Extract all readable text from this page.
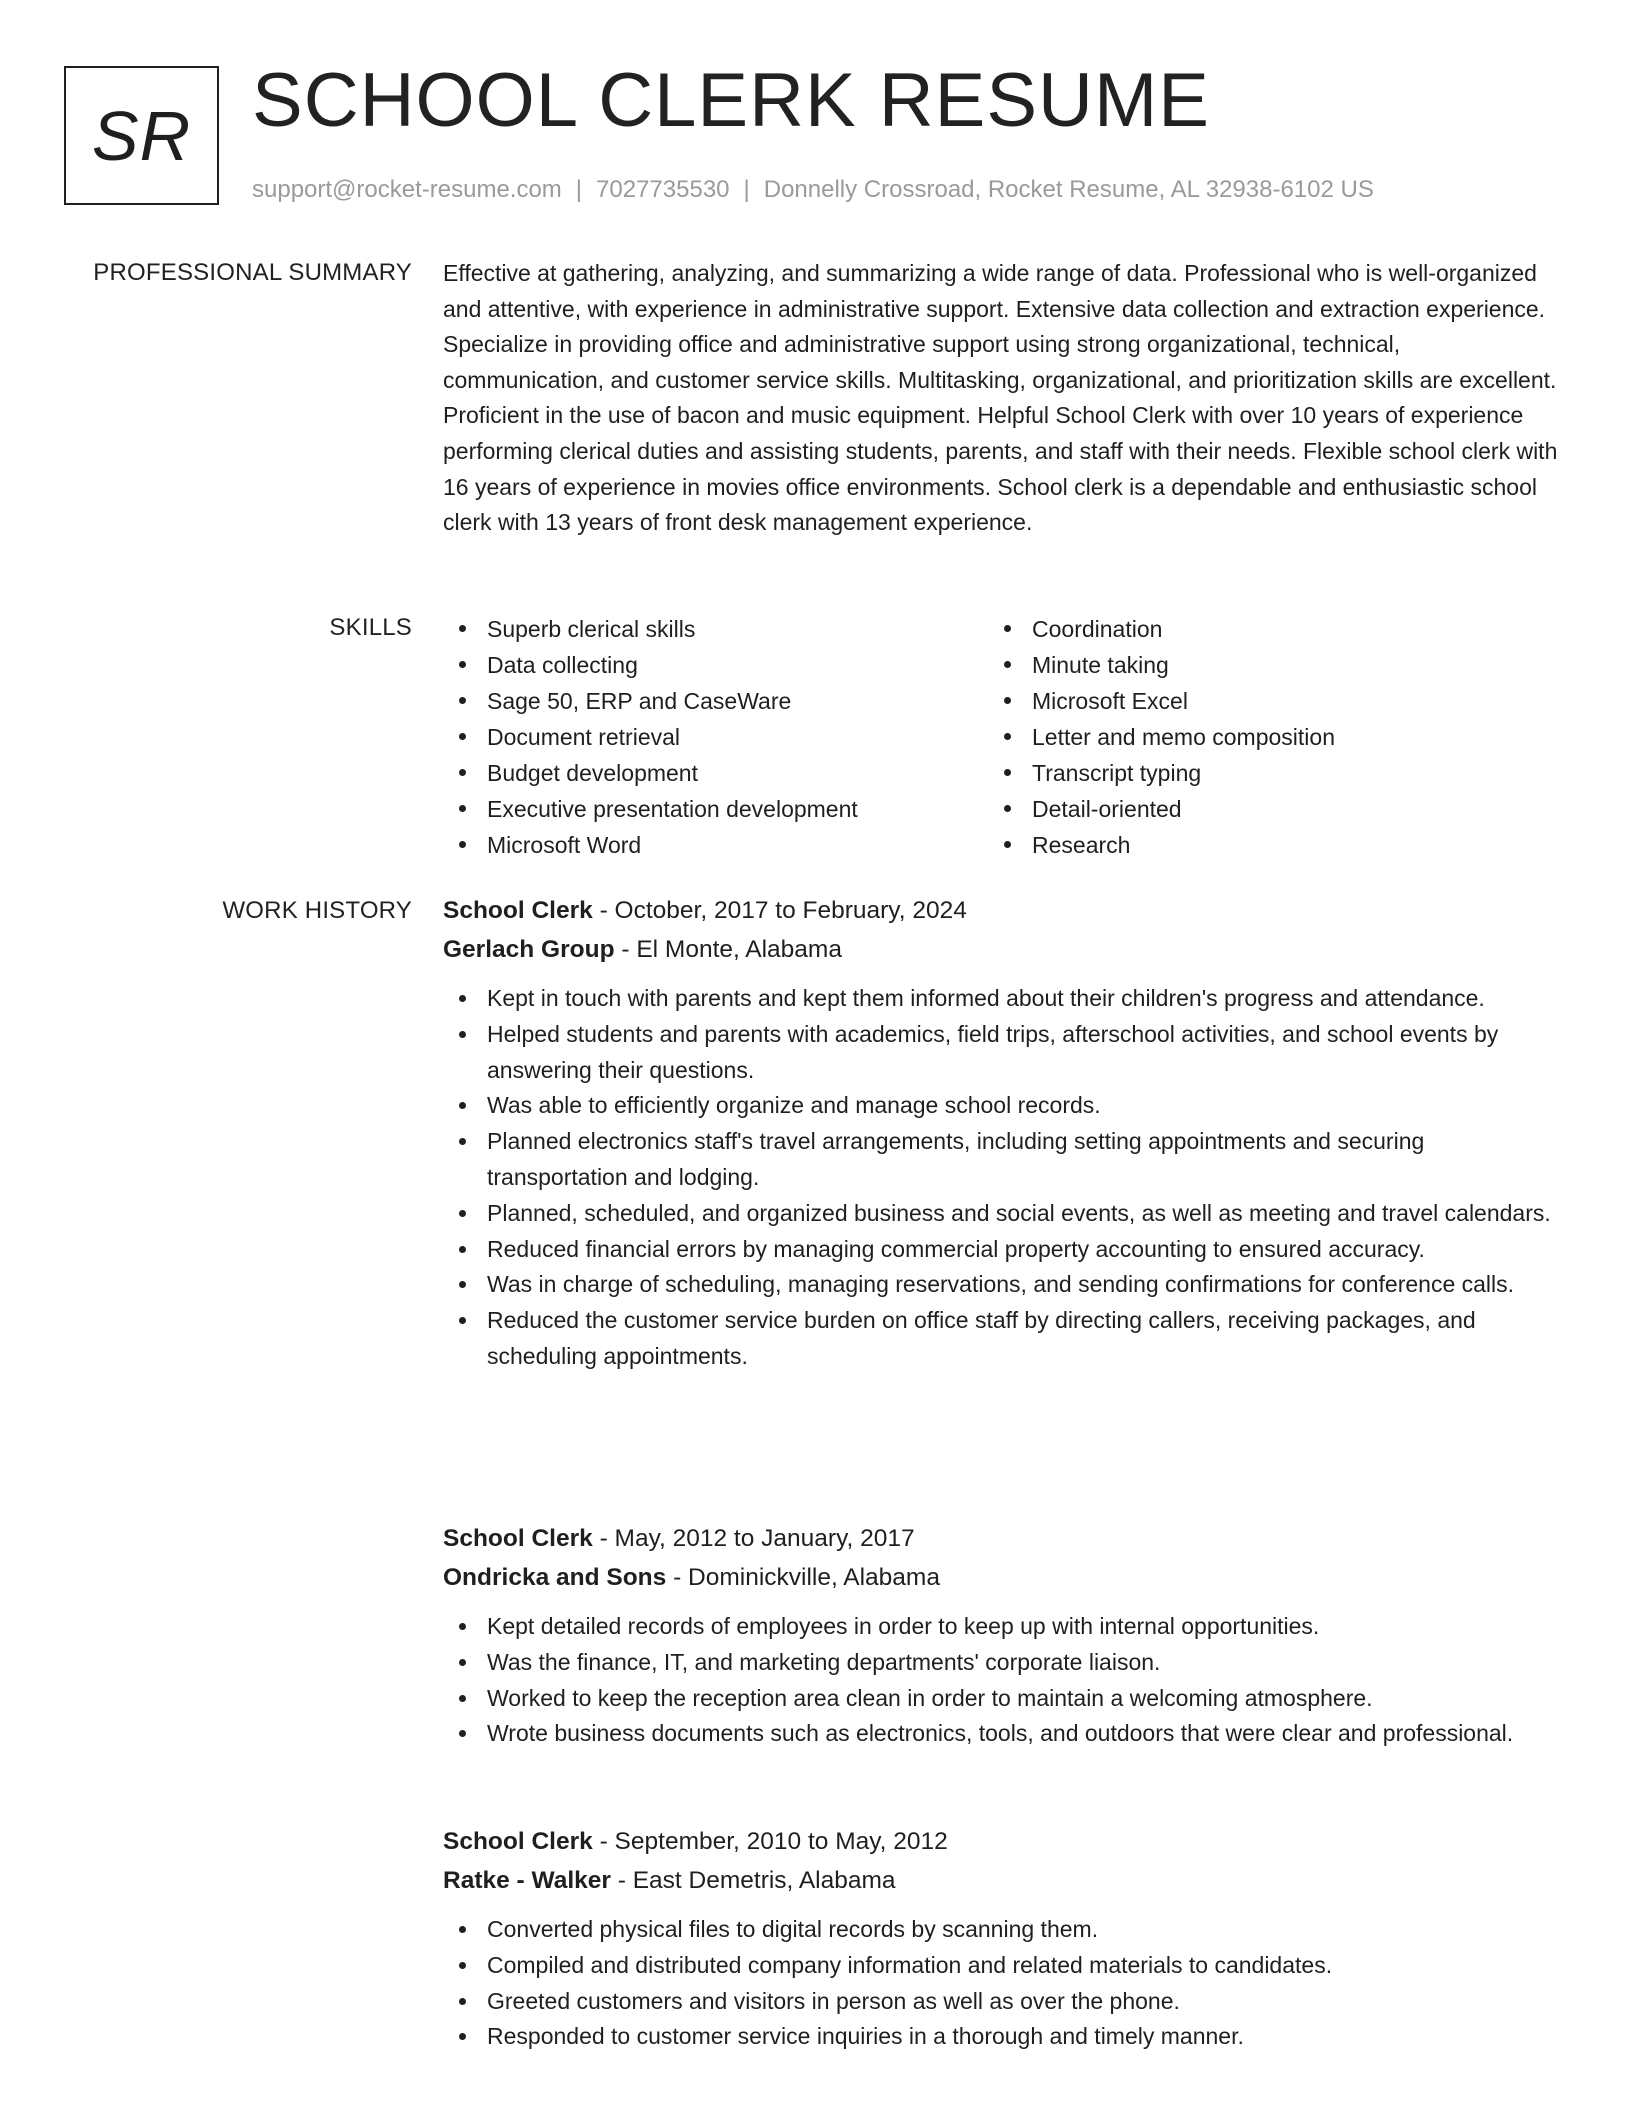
SR SCHOOL CLERK RESUME
support@rocket-resume.com | 7027735530 | Donnelly Crossroad, Rocket Resume, AL 32938-6102 US
PROFESSIONAL SUMMARY Effective at gathering, analyzing, and summarizing a wide range of data. Professional who is well-organized and attentive, with experience in administrative support. Extensive data collection and extraction experience. Specialize in providing office and administrative support using strong organizational, technical, communication, and customer service skills. Multitasking, organizational, and prioritization skills are excellent. Proficient in the use of bacon and music equipment. Helpful School Clerk with over 10 years of experience performing clerical duties and assisting students, parents, and staff with their needs. Flexible school clerk with 16 years of experience in movies office environments. School clerk is a dependable and enthusiastic school clerk with 13 years of front desk management experience.

SKILLS	Superb clerical skills
Data collecting
Sage 50, ERP and CaseWare
Document retrieval
Budget development
Executive presentation development
Microsoft Word
Coordination
Minute taking
Microsoft Excel
Letter and memo composition
Transcript typing
Detail-oriented
Research
WORK HISTORY School Clerk - October, 2017 to February, 2024
Gerlach Group - El Monte, Alabama
Kept in touch with parents and kept them informed about their children's progress and attendance.
Helped students and parents with academics, field trips, afterschool activities, and school events by answering their questions.
Was able to efficiently organize and manage school records.
Planned electronics staff's travel arrangements, including setting appointments and securing transportation and lodging.
Planned, scheduled, and organized business and social events, as well as meeting and travel calendars.
Reduced financial errors by managing commercial property accounting to ensured accuracy.
Was in charge of scheduling, managing reservations, and sending confirmations for conference calls.
Reduced the customer service burden on office staff by directing callers, receiving packages, and scheduling appointments.
School Clerk - May, 2012 to January, 2017
Ondricka and Sons - Dominickville, Alabama
Kept detailed records of employees in order to keep up with internal opportunities.
Was the finance, IT, and marketing departments' corporate liaison.
Worked to keep the reception area clean in order to maintain a welcoming atmosphere.
Wrote business documents such as electronics, tools, and outdoors that were clear and professional.
School Clerk - September, 2010 to May, 2012
Ratke - Walker - East Demetris, Alabama
Converted physical files to digital records by scanning them.
Compiled and distributed company information and related materials to candidates.
Greeted customers and visitors in person as well as over the phone.
Responded to customer service inquiries in a thorough and timely manner.
